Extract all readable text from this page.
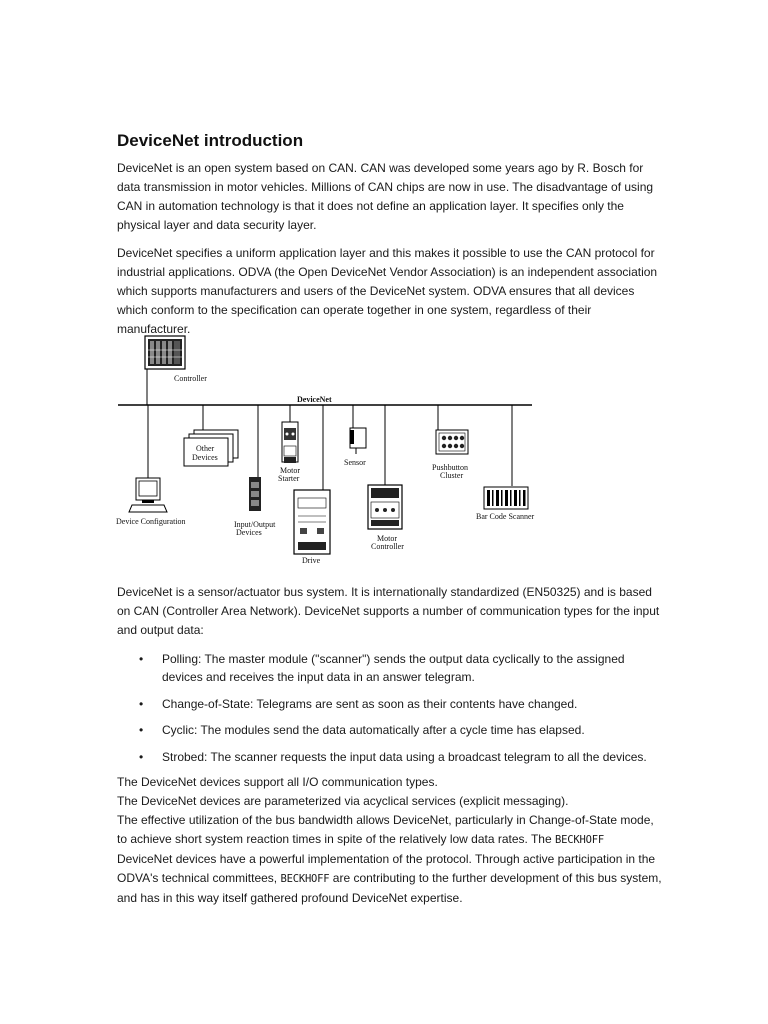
DeviceNet introduction

DeviceNet is an open system based on CAN. CAN was developed some years ago by R. Bosch for data transmission in motor vehicles. Millions of CAN chips are now in use. The disadvantage of using CAN in automation technology is that it does not define an application layer. It specifies only the physical layer and data security layer.

DeviceNet specifies a uniform application layer and this makes it possible to use the CAN protocol for industrial applications. ODVA (the Open DeviceNet Vendor Association) is an independent association which supports manufacturers and users of the DeviceNet system. ODVA ensures that all devices which conform to the specification can operate together in one system, regardless of their manufacturer.

Controller
DeviceNet
Other
Devices
Motor
Starter
Sensor
Pushbutton
Cluster
Device Configuration	Input/Output
Devices
Drive
Motor
Controller
Bar Code Scanner

DeviceNet is a sensor/actuator bus system. It is internationally standardized (EN50325) and is based on CAN (Controller Area Network). DeviceNet supports a number of communication types for the input and output data:

• Polling: The master module ("scanner") sends the output data cyclically to the assigned devices and receives the input data in an answer telegram.
• Change-of-State: Telegrams are sent as soon as their contents have changed.
• Cyclic: The modules send the data automatically after a cycle time has elapsed.
• Strobed: The scanner requests the input data using a broadcast telegram to all the devices.
The DeviceNet devices support all I/O communication types.
The DeviceNet devices are parameterized via acyclical services (explicit messaging).
The effective utilization of the bus bandwidth allows DeviceNet, particularly in Change-of-State mode, to achieve short system reaction times in spite of the relatively low data rates. The BECKHOFF DeviceNet devices have a powerful implementation of the protocol. Through active participation in the ODVA's technical committees, BECKHOFF are contributing to the further development of this bus system, and has in this way itself gathered profound DeviceNet expertise.
